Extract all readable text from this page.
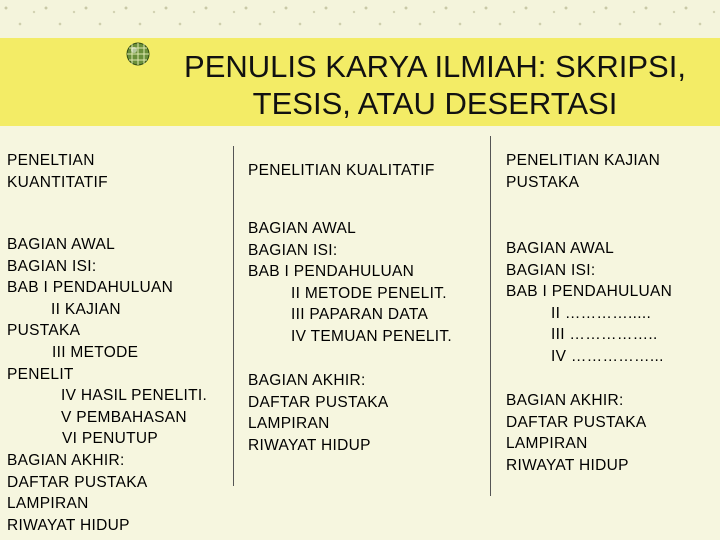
PENULIS KARYA ILMIAH: SKRIPSI,
TESIS, ATAU DESERTASI
PENELTIAN
KUANTITATIF
BAGIAN AWAL
BAGIAN ISI:
BAB I PENDAHULUAN
II KAJIAN
PUSTAKA
III METODE
PENELIT
IV HASIL PENELITI.
V PEMBAHASAN
VI PENUTUP
BAGIAN AKHIR:
DAFTAR PUSTAKA
LAMPIRAN
RIWAYAT HIDUP
PENELITIAN KUALITATIF
BAGIAN AWAL
BAGIAN ISI:
BAB I PENDAHULUAN
II METODE PENELIT.
III PAPARAN DATA
IV TEMUAN PENELIT.
BAGIAN AKHIR:
DAFTAR PUSTAKA
LAMPIRAN
RIWAYAT HIDUP
PENELITIAN KAJIAN
PUSTAKA
BAGIAN AWAL
BAGIAN ISI:
BAB I PENDAHULUAN
II ………….....
III ……………..
IV ……………...
BAGIAN AKHIR:
DAFTAR PUSTAKA
LAMPIRAN
RIWAYAT HIDUP
